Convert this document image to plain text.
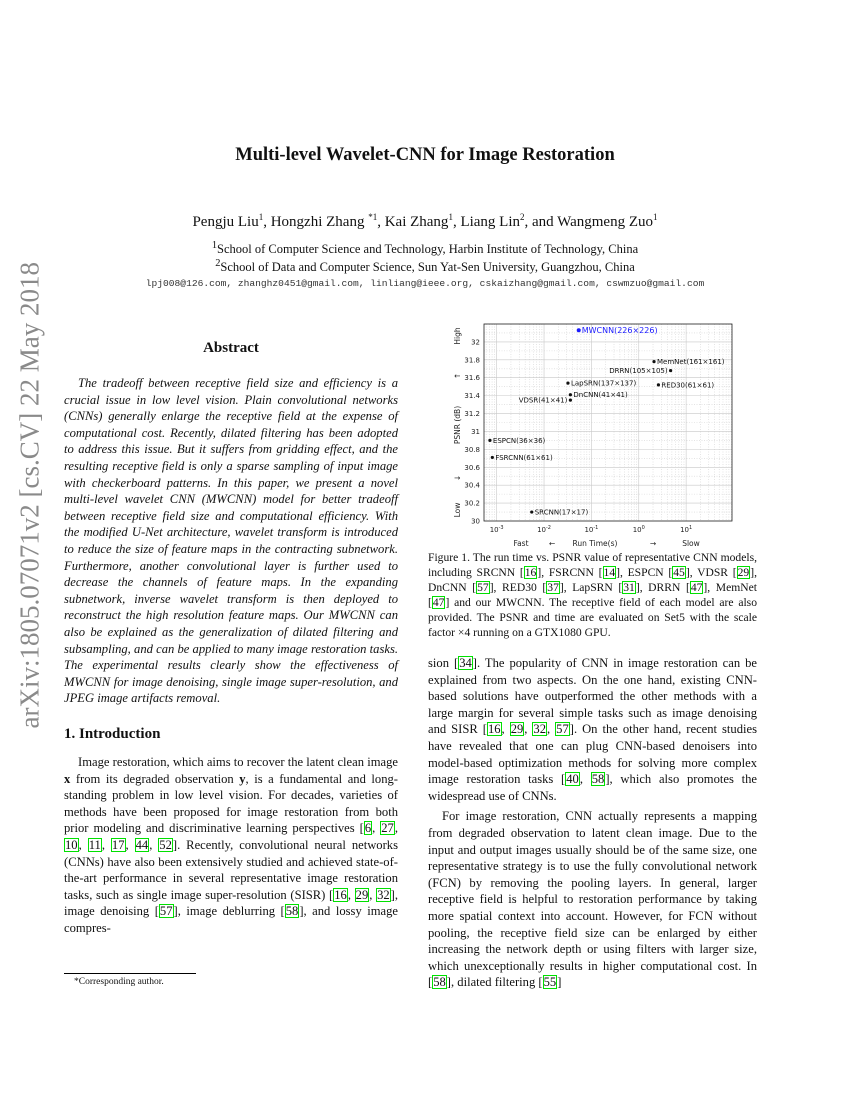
arXiv:1805.07071v2 [cs.CV] 22 May 2018
Multi-level Wavelet-CNN for Image Restoration
Pengju Liu$^1$, Hongzhi Zhang $^{*1}$, Kai Zhang$^1$, Liang Lin$^2$, and Wangmeng Zuo$^1$
$^1$School of Computer Science and Technology, Harbin Institute of Technology, China
$^2$School of Data and Computer Science, Sun Yat-Sen University, Guangzhou, China
lpj008@126.com, zhanghz0451@gmail.com, linliang@ieee.org, cskaizhang@gmail.com, cswmzuo@gmail.com
Abstract
The tradeoff between receptive field size and efficiency is a crucial issue in low level vision. Plain convolutional networks (CNNs) generally enlarge the receptive field at the expense of computational cost. Recently, dilated filtering has been adopted to address this issue. But it suffers from gridding effect, and the resulting receptive field is only a sparse sampling of input image with checkerboard patterns. In this paper, we present a novel multi-level wavelet CNN (MWCNN) model for better tradeoff between receptive field size and computational efficiency. With the modified U-Net architecture, wavelet transform is introduced to reduce the size of feature maps in the contracting subnetwork. Furthermore, another convolutional layer is further used to decrease the channels of feature maps. In the expanding subnetwork, inverse wavelet transform is then deployed to reconstruct the high resolution feature maps. Our MWCNN can also be explained as the generalization of dilated filtering and subsampling, and can be applied to many image restoration tasks. The experimental results clearly show the effectiveness of MWCNN for image denoising, single image super-resolution, and JPEG image artifacts removal.
1. Introduction
Image restoration, which aims to recover the latent clean image x from its degraded observation y, is a fundamental and long-standing problem in low level vision. For decades, varieties of methods have been proposed for image restoration from both prior modeling and discriminative learning perspectives [6, 27, 10, 11, 17, 44, 52]. Recently, convolutional neural networks (CNNs) have also been extensively studied and achieved state-of-the-art performance in several representative image restoration tasks, such as single image super-resolution (SISR) [16, 29, 32], image denoising [57], image deblurring [58], and lossy image compres-
*Corresponding author.
30
30.2
30.4
30.6
30.8
31
31.2
31.4
31.6
31.8
32
$10^{-3}$	$10^{-2}$	$10^{-1}$	$10^0$	$10^1$
Fast	← Run Time(s)	→	Slow
High
↑
PSNR (dB)
↓
Low
MWCNN(226×226)
MemNet(161×161)
DRRN(105×105)
RED30(61×61)
LapSRN(137×137)
DnCNN(41×41)
VDSR(41×41)
ESPCN(36×36)
FSRCNN(61×61)
SRCNN(17×17)
Figure 1. The run time vs. PSNR value of representative CNN models, including SRCNN [16], FSRCNN [14], ESPCN [45], VDSR [29], DnCNN [57], RED30 [37], LapSRN [31], DRRN [47], MemNet [47] and our MWCNN. The receptive field of each model are also provided. The PSNR and time are evaluated on Set5 with the scale factor ×4 running on a GTX1080 GPU.
sion [34]. The popularity of CNN in image restoration can be explained from two aspects. On the one hand, existing CNN-based solutions have outperformed the other methods with a large margin for several simple tasks such as image denoising and SISR [16, 29, 32, 57]. On the other hand, recent studies have revealed that one can plug CNN-based denoisers into model-based optimization methods for solving more complex image restoration tasks [40, 58], which also promotes the widespread use of CNNs.
For image restoration, CNN actually represents a mapping from degraded observation to latent clean image. Due to the input and output images usually should be of the same size, one representative strategy is to use the fully convolutional network (FCN) by removing the pooling layers. In general, larger receptive field is helpful to restoration performance by taking more spatial context into account. However, for FCN without pooling, the receptive field size can be enlarged by either increasing the network depth or using filters with larger size, which unexceptionally results in higher computational cost. In [58], dilated filtering [55]
